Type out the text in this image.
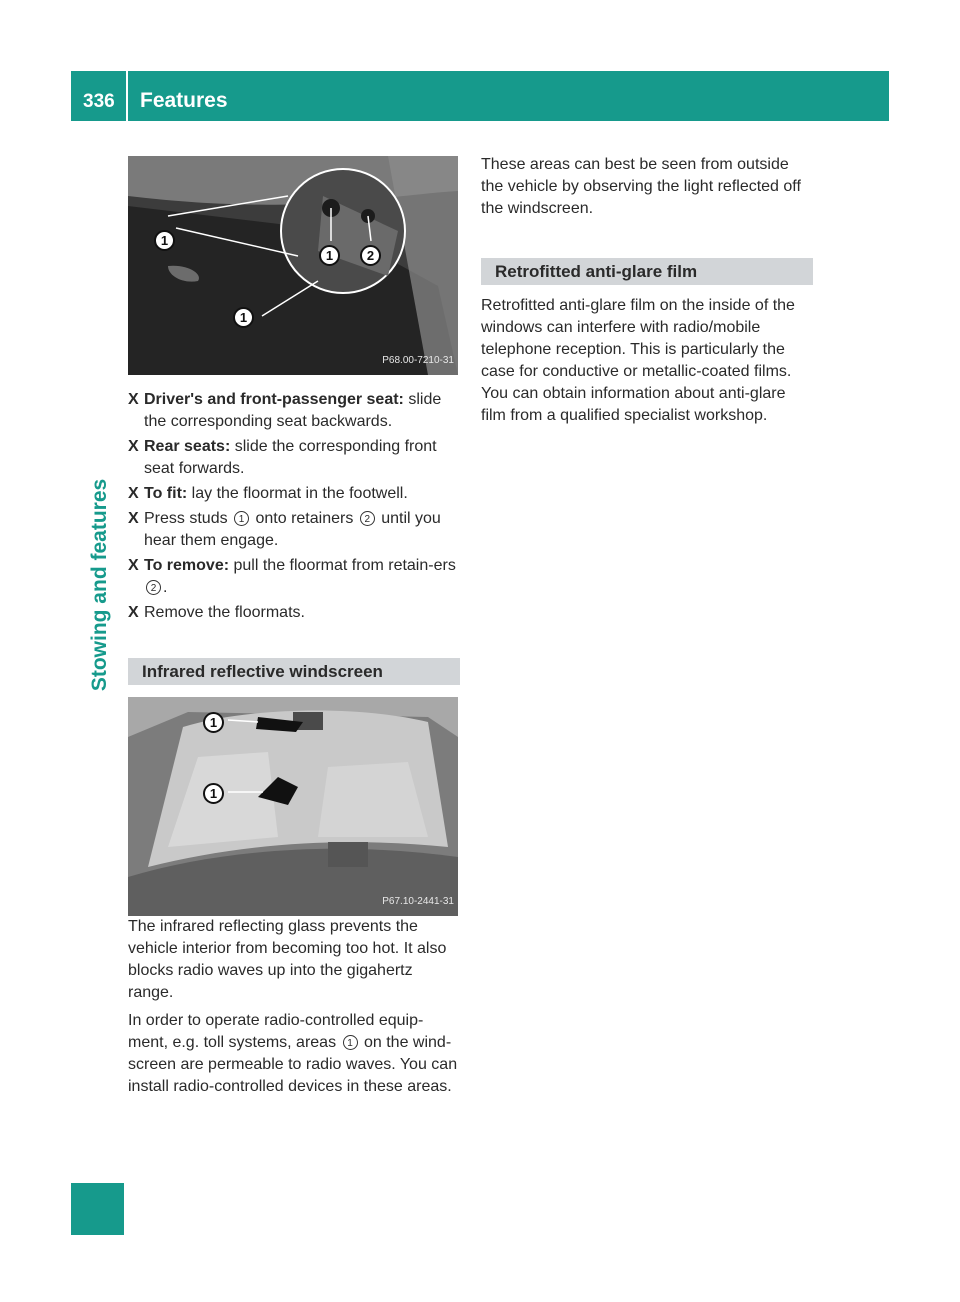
336 Features
Stowing and features
1
1	2
1
P68.00-7210-31
X Driver's and front-passenger seat: slide the corresponding seat backwards.
X Rear seats: slide the corresponding front seat forwards.
X To fit: lay the floormat in the footwell.
X Press studs 1 onto retainers 2 until you hear them engage.
X To remove: pull the floormat from retain-ers 2 .
X Remove the floormats.
Infrared reflective windscreen
1
1
P67.10-2441-31

The infrared reflecting glass prevents the vehicle interior from becoming too hot. It also blocks radio waves up into the gigahertz range.

In order to operate radio-controlled equip-ment, e.g. toll systems, areas 1 on the wind-screen are permeable to radio waves. You can install radio-controlled devices in these areas.

These areas can best be seen from outside the vehicle by observing the light reflected off the windscreen.

Retrofitted anti-glare film

Retrofitted anti-glare film on the inside of the windows can interfere with radio/mobile telephone reception. This is particularly the case for conductive or metallic-coated films. You can obtain information about anti-glare film from a qualified specialist workshop.
